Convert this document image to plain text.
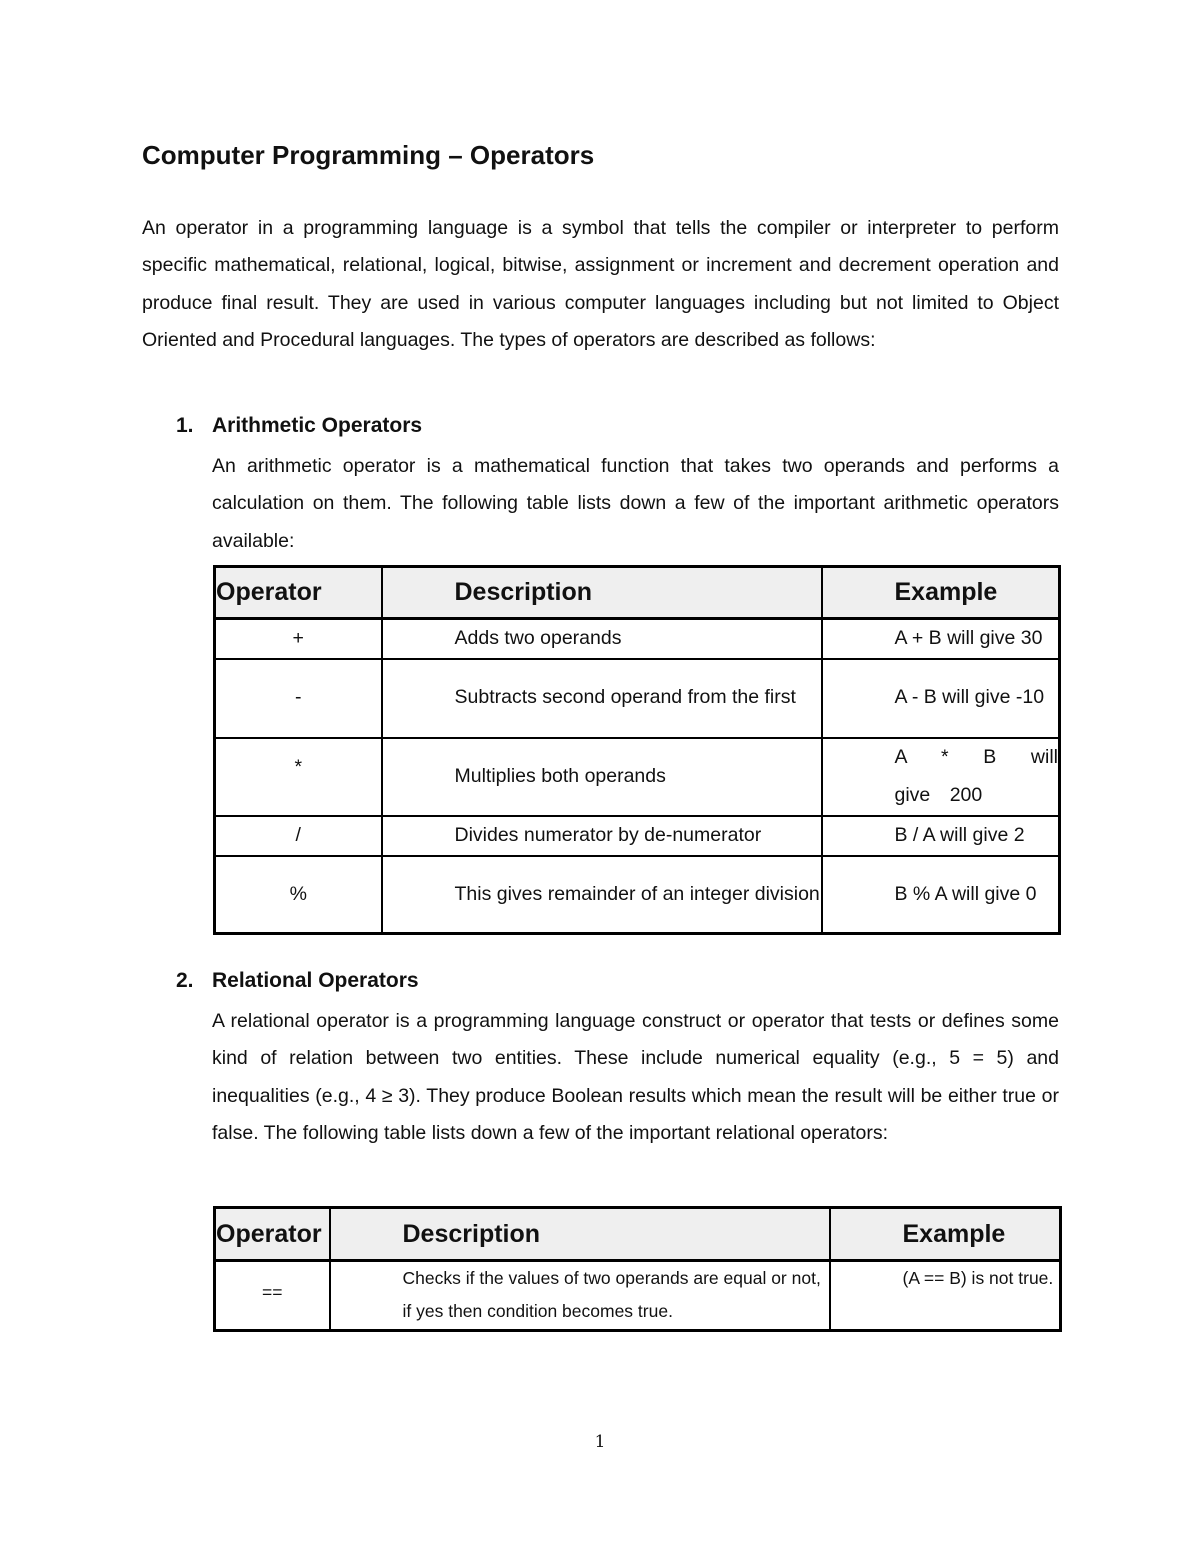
Computer Programming – Operators

An operator in a programming language is a symbol that tells the compiler or interpreter to perform specific mathematical, relational, logical, bitwise, assignment or increment and decrement operation and produce final result. They are used in various computer languages including but not limited to Object Oriented and Procedural languages. The types of operators are described as follows:

1. Arithmetic Operators

An arithmetic operator is a mathematical function that takes two operands and performs a calculation on them. The following table lists down a few of the important arithmetic operators available:

Operator	Description	Example
+	Adds two operands	A + B will give 30
-	Subtracts second operand from the first	A - B will give -10
*	Multiplies both operands	A * B will give 200
/	Divides numerator by de-numerator	B / A will give 2
%	This gives remainder of an integer division	B % A will give 0
2. Relational Operators

A relational operator is a programming language construct or operator that tests or defines some kind of relation between two entities. These include numerical equality (e.g., 5 = 5) and inequalities (e.g., 4 ≥ 3). They produce Boolean results which mean the result will be either true or false. The following table lists down a few of the important relational operators:

Operator	Description	Example
==	Checks if the values of two operands are equal or not, if yes then condition becomes true.	(A == B) is not true.
1
